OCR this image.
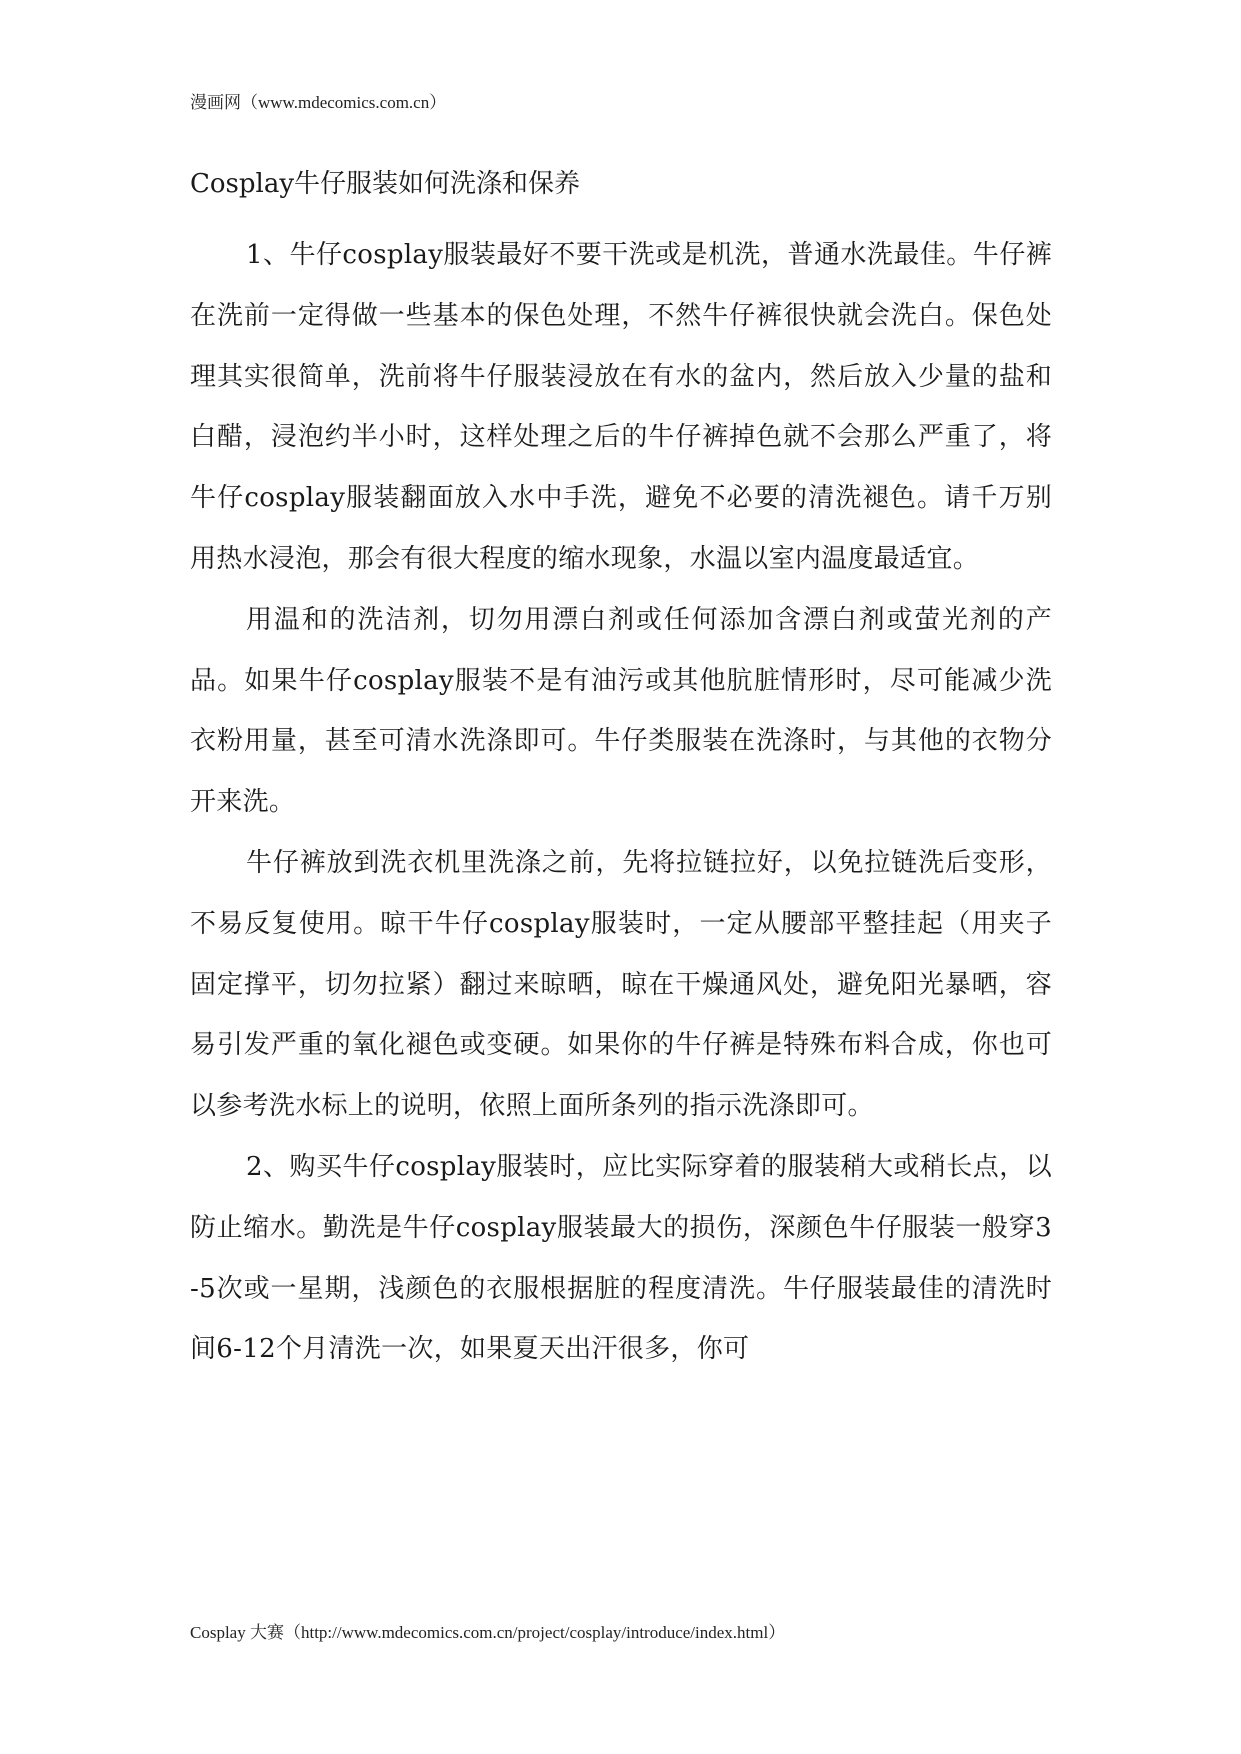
漫画网（www.mdecomics.com.cn）
Cosplay牛仔服装如何洗涤和保养

1、牛仔cosplay服装最好不要干洗或是机洗，普通水洗最佳。牛仔裤在洗前一定得做一些基本的保色处理，不然牛仔裤很快就会洗白。保色处理其实很简单，洗前将牛仔服装浸放在有水的盆内，然后放入少量的盐和白醋，浸泡约半小时，这样处理之后的牛仔裤掉色就不会那么严重了，将牛仔cosplay服装翻面放入水中手洗，避免不必要的清洗褪色。请千万别用热水浸泡，那会有很大程度的缩水现象，水温以室内温度最适宜。

用温和的洗洁剂，切勿用漂白剂或任何添加含漂白剂或萤光剂的产品。如果牛仔cosplay服装不是有油污或其他肮脏情形时，尽可能减少洗衣粉用量，甚至可清水洗涤即可。牛仔类服装在洗涤时，与其他的衣物分开来洗。

牛仔裤放到洗衣机里洗涤之前，先将拉链拉好，以免拉链洗后变形，不易反复使用。晾干牛仔cosplay服装时，一定从腰部平整挂起（用夹子固定撑平，切勿拉紧）翻过来晾晒，晾在干燥通风处，避免阳光暴晒，容易引发严重的氧化褪色或变硬。如果你的牛仔裤是特殊布料合成，你也可以参考洗水标上的说明，依照上面所条列的指示洗涤即可。

2、购买牛仔cosplay服装时，应比实际穿着的服装稍大或稍长点，以防止缩水。勤洗是牛仔cosplay服装最大的损伤，深颜色牛仔服装一般穿3-5次或一星期，浅颜色的衣服根据脏的程度清洗。牛仔服装最佳的清洗时间6-12个月清洗一次，如果夏天出汗很多，你可

Cosplay 大赛（http://www.mdecomics.com.cn/project/cosplay/introduce/index.html）
